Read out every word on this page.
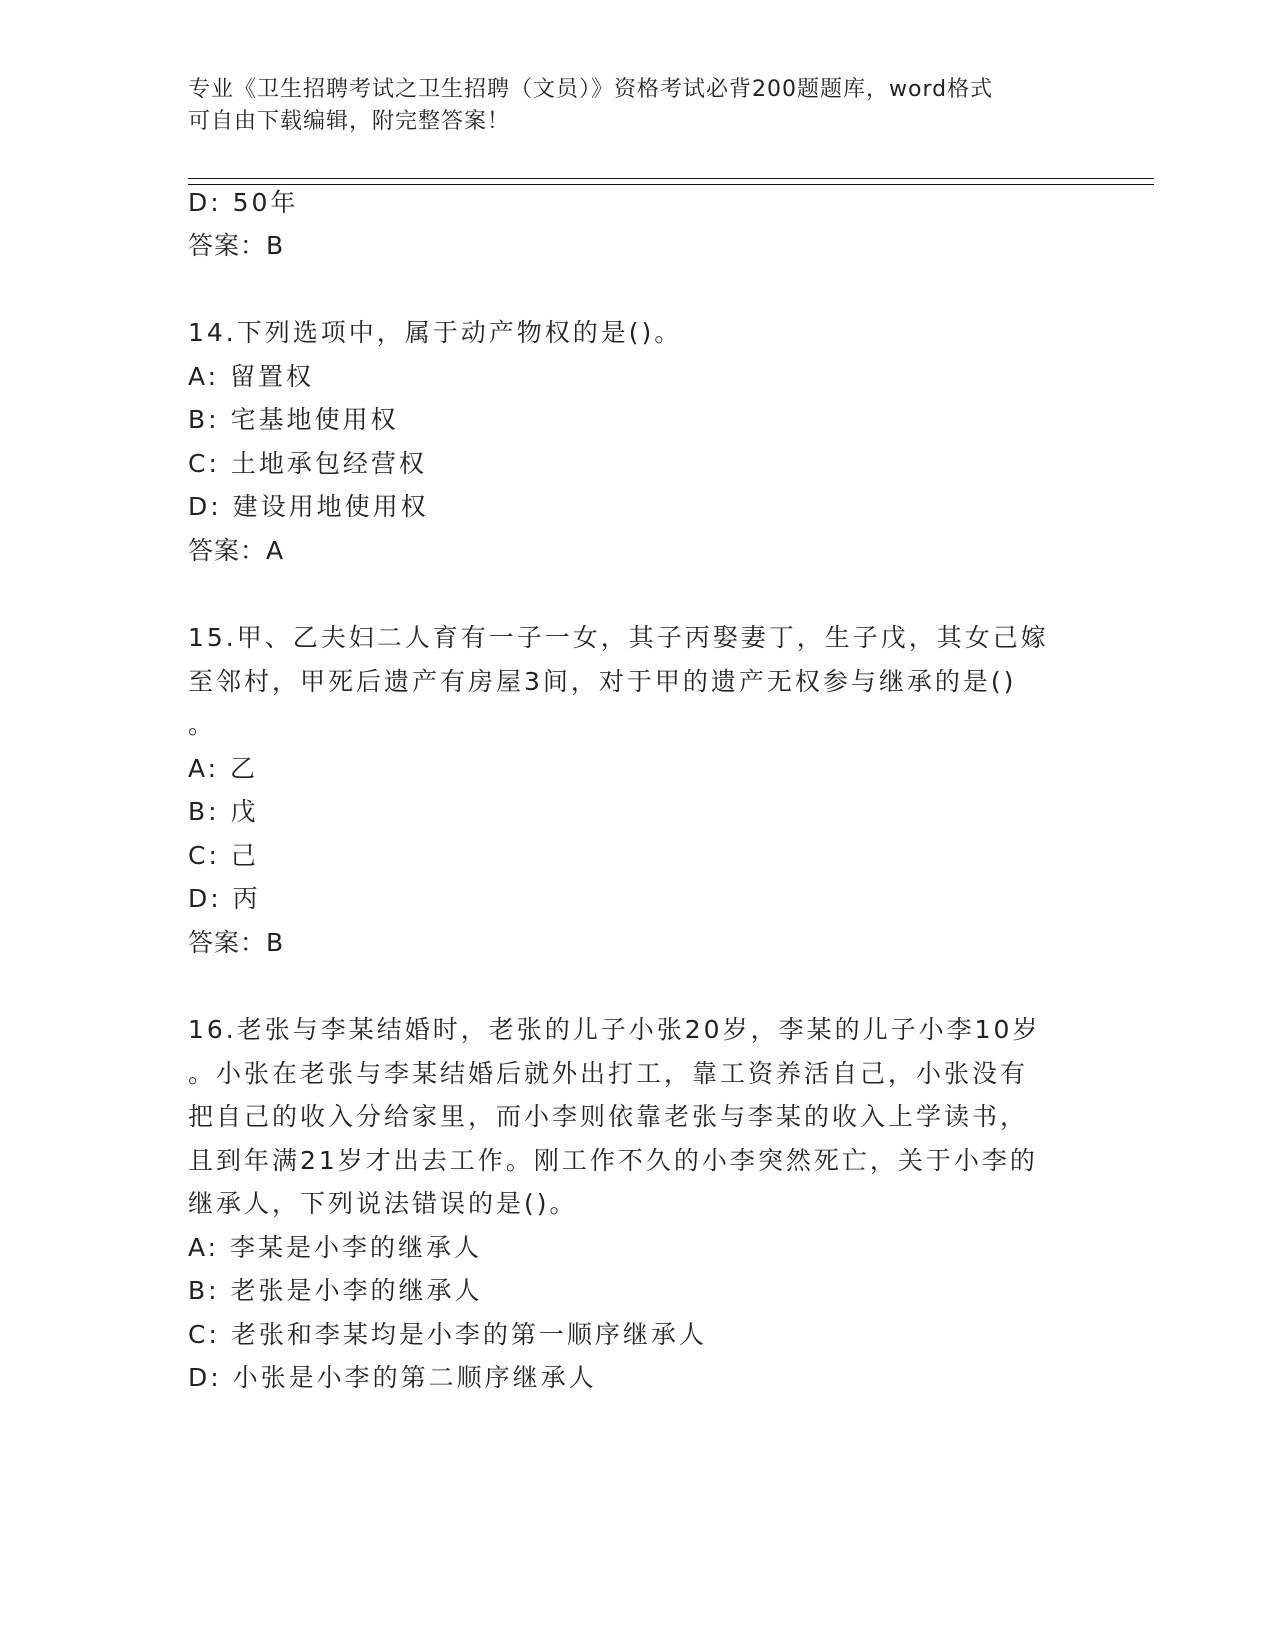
专业《卫生招聘考试之卫生招聘（文员）》资格考试必背200题题库，word格式
可自由下载编辑，附完整答案！
D: 50年
答案：B
14.下列选项中，属于动产物权的是()。
A: 留置权
B: 宅基地使用权
C: 土地承包经营权
D: 建设用地使用权
答案：A
15.甲、乙夫妇二人育有一子一女，其子丙娶妻丁，生子戊，其女己嫁
至邻村，甲死后遗产有房屋3间，对于甲的遗产无权参与继承的是()
。
A: 乙
B: 戊
C: 己
D: 丙
答案：B
16.老张与李某结婚时，老张的儿子小张20岁，李某的儿子小李10岁
。小张在老张与李某结婚后就外出打工，靠工资养活自己，小张没有
把自己的收入分给家里，而小李则依靠老张与李某的收入上学读书，
且到年满21岁才出去工作。刚工作不久的小李突然死亡，关于小李的
继承人，下列说法错误的是()。
A: 李某是小李的继承人
B: 老张是小李的继承人
C: 老张和李某均是小李的第一顺序继承人
D: 小张是小李的第二顺序继承人
